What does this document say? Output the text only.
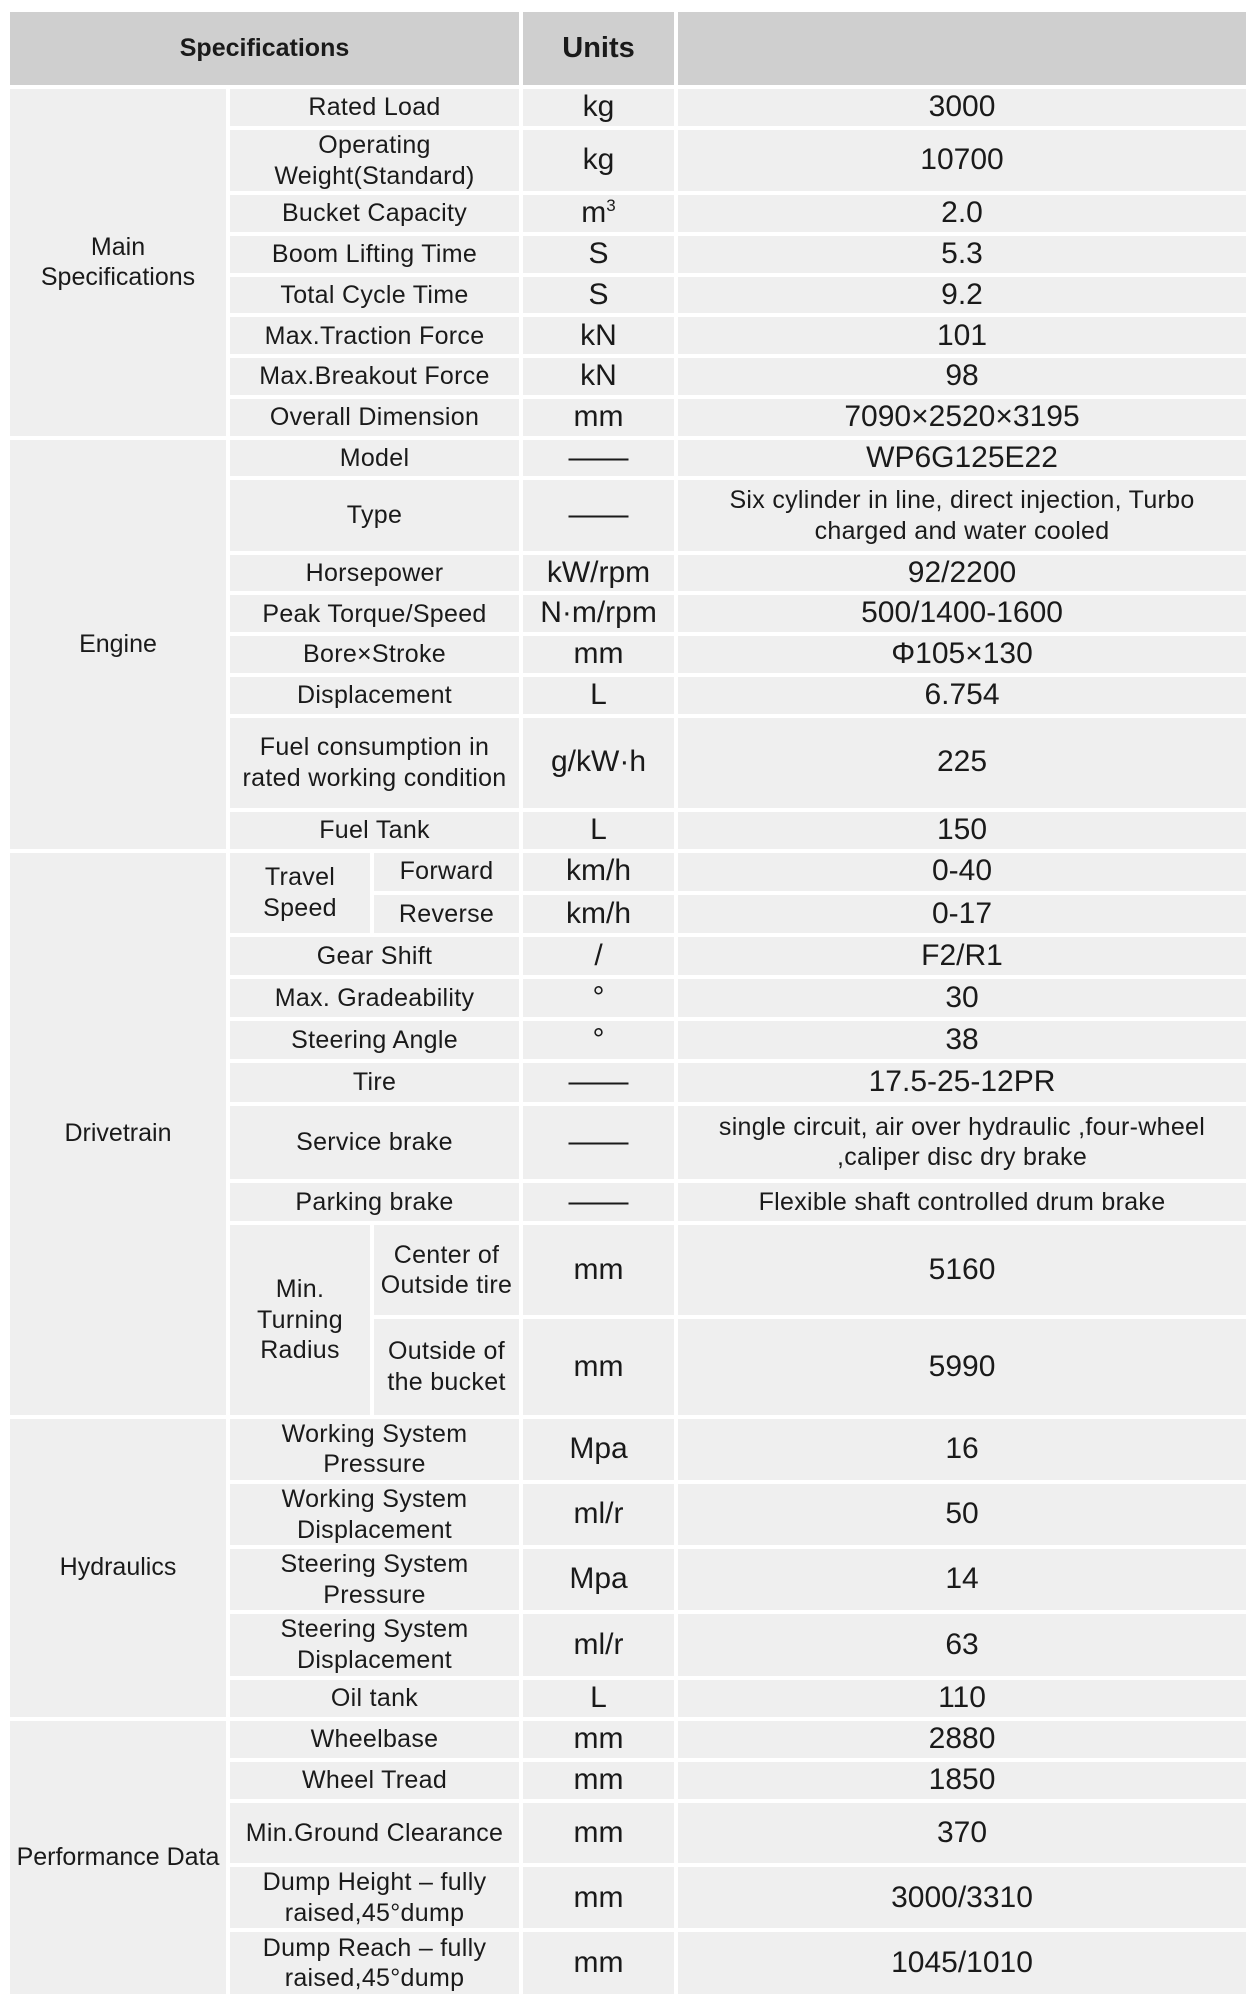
Specifications			Units	
Main Specifications	Rated Load		kg	3000
	Operating Weight(Standard)		kg	10700
	Bucket Capacity		$m^3$	2.0
	Boom Lifting Time		S	5.3
	Total Cycle Time		S	9.2
	Max.Traction Force		kN	101
	Max.Breakout Force		kN	98
	Overall Dimension		mm	7090×2520×3195
Engine	Model		——	WP6G125E22
	Type		——	Six cylinder in line, direct injection, Turbo charged and water cooled
	Horsepower		kW/rpm	92/2200
	Peak Torque/Speed		N·m/rpm	500/1400-1600
	Bore×Stroke		mm	Φ105×130
	Displacement		L	6.754
	Fuel consumption in rated working condition		g/kW·h	225
	Fuel Tank		L	150
Drivetrain	Travel Speed	Forward	km/h	0-40
		Reverse	km/h	0-17
	Gear Shift		/	F2/R1
	Max. Gradeability		°	30
	Steering Angle		°	38
	Tire		——	17.5-25-12PR
	Service brake		——	single circuit, air over hydraulic ,four-wheel ,caliper disc dry brake
	Parking brake		——	Flexible shaft controlled drum brake
	Min. Turning Radius	Center of Outside tire	mm	5160
		Outside of the bucket	mm	5990
Hydraulics	Working System Pressure		Mpa	16
	Working System Displacement		ml/r	50
	Steering System Pressure		Mpa	14
	Steering System Displacement		ml/r	63
	Oil tank		L	110
Performance Data	Wheelbase		mm	2880
	Wheel Tread		mm	1850
	Min.Ground Clearance		mm	370
	Dump Height – fully raised,45°dump		mm	3000/3310
	Dump Reach – fully raised,45°dump		mm	1045/1010
